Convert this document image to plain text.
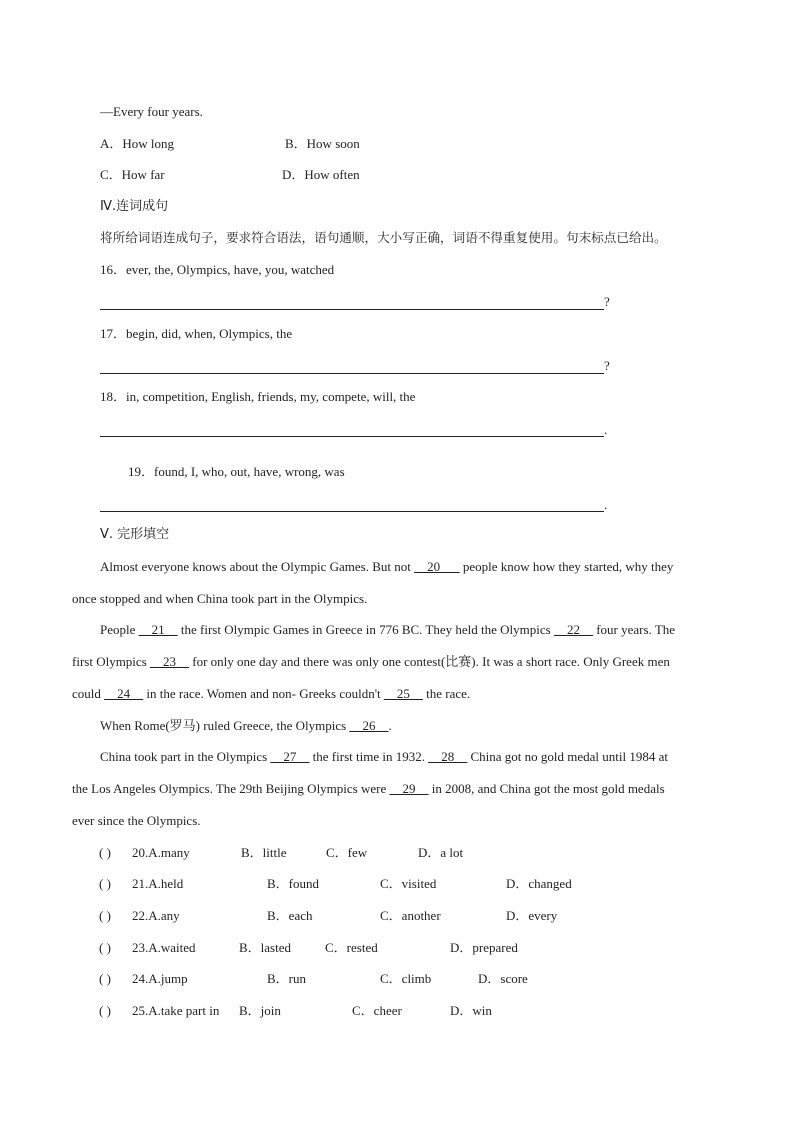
—Every four years.
A．How long	B．How soon
C．How far	D．How often
Ⅳ.连词成句
将所给词语连成句子，要求符合语法，语句通顺，大小写正确，词语不得重复使用。句末标点已给出。
16．ever, the, Olympics, have, you, watched
?
17．begin, did, when, Olympics, the
?
18．in, competition, English, friends, my, compete, will, the
.
19．found, I, who, out, have, wrong, was
.
Ⅴ. 完形填空
Almost everyone knows about the Olympic Games. But not __20___ people know how they started, why they
once stopped and when China took part in the Olympics.
People __21__ the first Olympic Games in Greece in 776 BC. They held the Olympics __22__ four years. The
first Olympics __23__ for only one day and there was only one contest(比赛). It was a short race. Only Greek men
could __24__ in the race. Women and non- Greeks couldn't __25__ the race.
When Rome(罗马) ruled Greece, the Olympics __26__.
China took part in the Olympics __27__ the first time in 1932. __28__ China got no gold medal until 1984 at
the Los Angeles Olympics. The 29th Beijing Olympics were __29__ in 2008, and China got the most gold medals
ever since the Olympics.
( ) 20.A.many	B．little	C．few	D．a lot
( ) 21.A.held	B．found	C．visited	D．changed
( ) 22.A.any	B．each	C．another	D．every
( ) 23.A.waited	B．lasted	C．rested	D．prepared
( ) 24.A.jump	B．run	C．climb	D．score
( ) 25.A.take part in B．join	C．cheer	D．win
